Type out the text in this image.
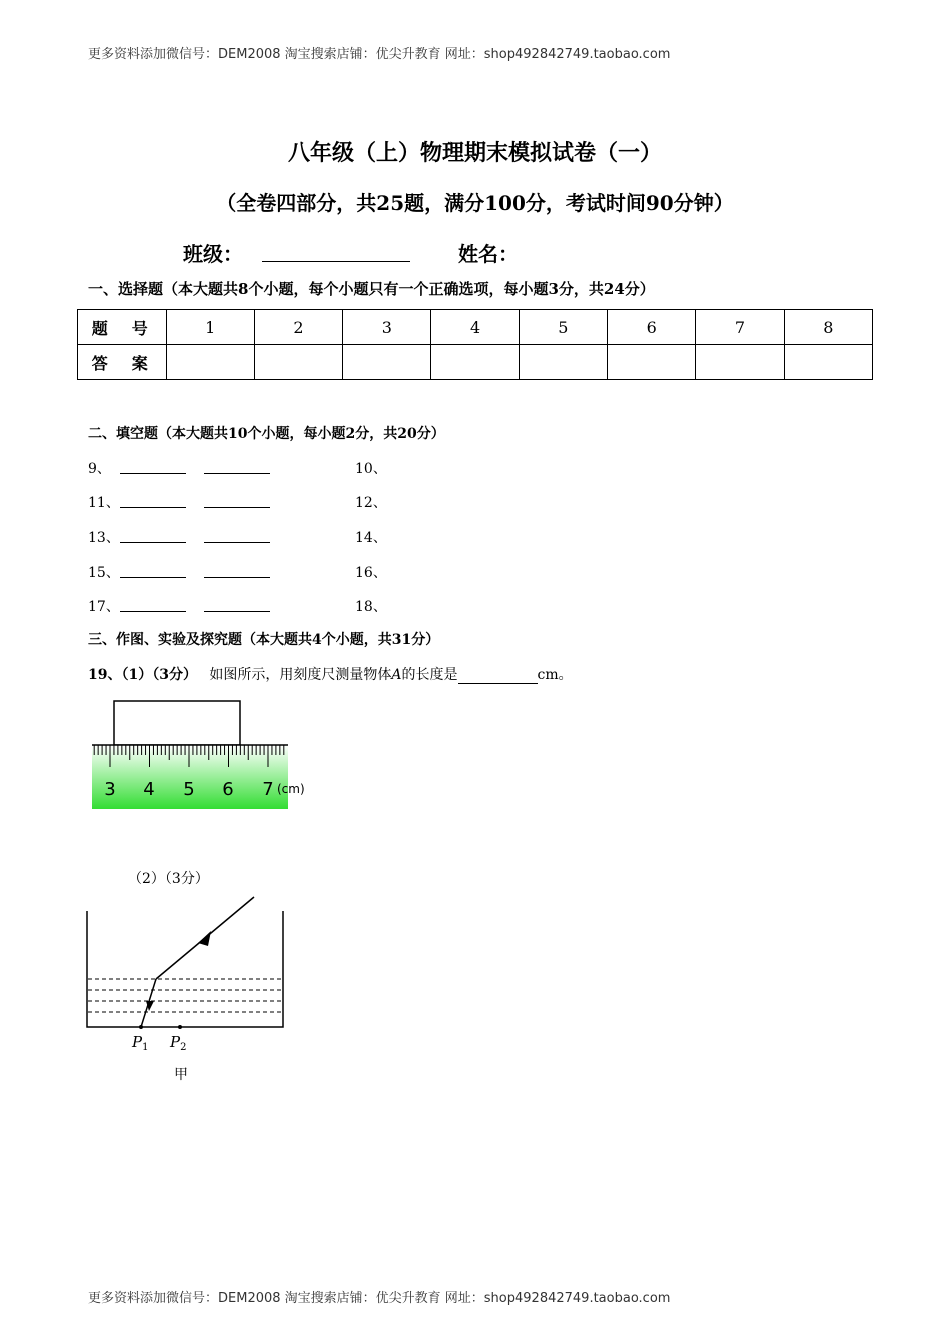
更多资料添加微信号：DEM2008 淘宝搜索店铺：优尖升教育 网址：shop492842749.taobao.com
八年级（上）物理期末模拟试卷（一）
（全卷四部分，共25题，满分100分，考试时间90分钟）
班级：	姓名：
一、选择题（本大题共8个小题，每个小题只有一个正确选项，每小题3分，共24分）
题　号	1	2	3	4	5	6	7	8
答　案								
二、填空题（本大题共10个小题，每小题2分，共20分）
9、	10、
11、	12、
13、	14、
15、	16、
17、	18、
三、作图、实验及探究题（本大题共4个小题，共31分）
19、（1）（3分） 如图所示，用刻度尺测量物体A的长度是	cm。
3 4 5 6 7 (cm)
（2）（3分）
$P_1$ $P_2$
甲
更多资料添加微信号：DEM2008 淘宝搜索店铺：优尖升教育 网址：shop492842749.taobao.com
